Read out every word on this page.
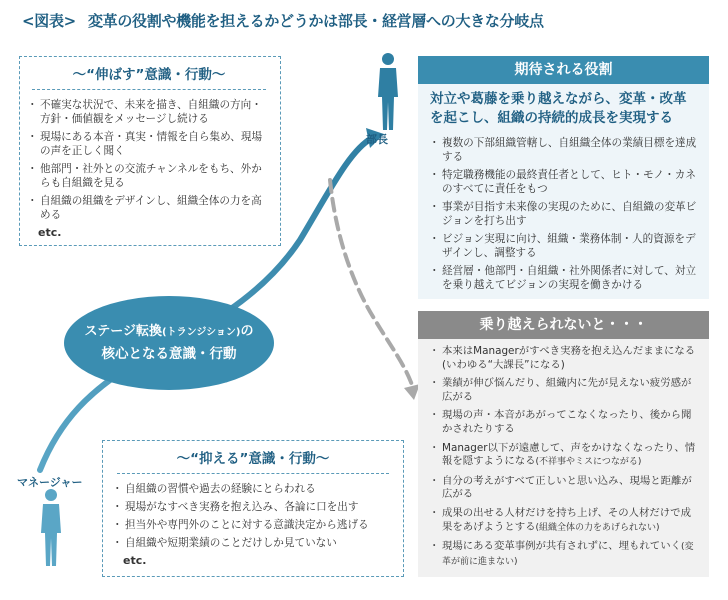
<図表> 変革の役割や機能を担えるかどうかは部長・経営層への大きな分岐点
～“伸ばす”意識・行動～
・ 不確実な状況で、未来を描き、自組織の方向・方針・価値観をメッセージし続ける
・ 現場にある本音・真実・情報を自ら集め、現場の声を正しく聞く
・ 他部門・社外との交流チャンネルをもち、外からも自組織を見る
・ 自組織の組織をデザインし、組織全体の力を高める
etc.
ステージ転換(トランジション)の
核心となる意識・行動
部長
マネージャー
～“抑える”意識・行動～
・ 自組織の習慣や過去の経験にとらわれる
・ 現場がなすべき実務を抱え込み、各論に口を出す
・ 担当外や専門外のことに対する意識決定から逃げる
・ 自組織や短期業績のことだけしか見ていない
etc.
期待される役割
対立や葛藤を乗り越えながら、変革・改革
を起こし、組織の持続的成長を実現する
・ 複数の下部組織管轄し、自組織全体の業績目標を達成する
・ 特定職務機能の最終責任者として、ヒト・モノ・カネのすべてに責任をもつ
・ 事業が目指す未来像の実現のために、自組織の変革ビジョンを打ち出す
・ ビジョン実現に向け、組織・業務体制・人的資源をデザインし、調整する
・ 経営層・他部門・自組織・社外関係者に対して、対立を乗り越えてビジョンの実現を働きかける
乗り越えられないと・・・
・ 本来はManagerがすべき実務を抱え込んだままになる(いわゆる“大課長”になる)
・ 業績が伸び悩んだり、組織内に先が見えない疲労感が広がる
・ 現場の声・本音があがってこなくなったり、後から聞かされたりする
・ Manager以下が遠慮して、声をかけなくなったり、情報を隠すようになる(不祥事やミスにつながる)
・ 自分の考えがすべて正しいと思い込み、現場と距離が広がる
・ 成果の出せる人材だけを持ち上げ、その人材だけで成果をあげようとする(組織全体の力をあげられない)
・ 現場にある変革事例が共有されずに、埋もれていく(変革が前に進まない)
